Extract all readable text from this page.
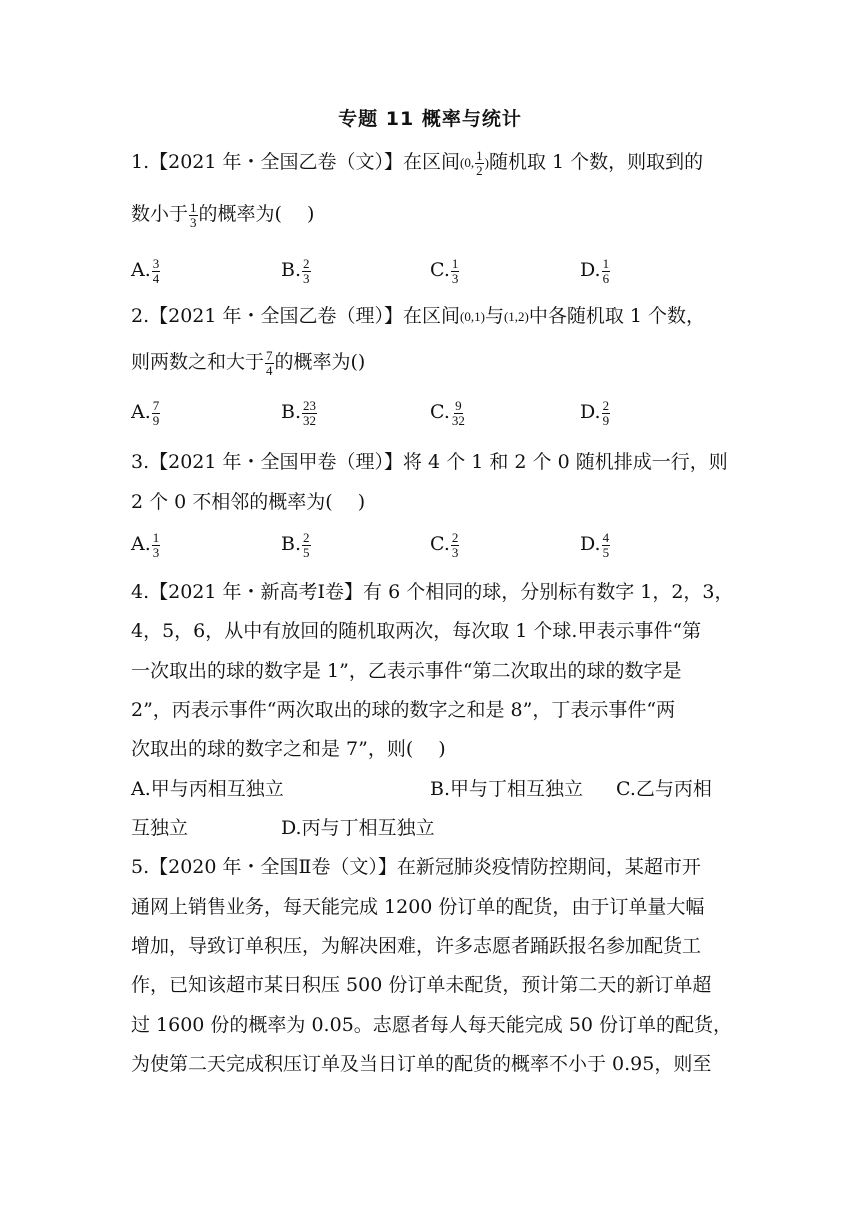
专题 11 概率与统计
1.【2021 年・全国乙卷（文）】在区间(0, $\frac{1}{2}$ )随机取 1 个数，则取到的
数小于 $\frac{1}{3}$ 的概率为(　 )
A. $\frac{3}{4}$	B. $\frac{2}{3}$	C. $\frac{1}{3}$	D. $\frac{1}{6}$
2.【2021 年・全国乙卷（理）】在区间(0,1)与(1,2)中各随机取 1 个数，
则两数之和大于 $\frac{7}{4}$ 的概率为()
A. $\frac{7}{9}$	B. $\frac{23}{32}$	C. $\frac{9}{32}$	D. $\frac{2}{9}$
3.【2021 年・全国甲卷（理）】将 4 个 1 和 2 个 0 随机排成一行，则
2 个 0 不相邻的概率为(　 )
A. $\frac{1}{3}$	B. $\frac{2}{5}$	C. $\frac{2}{3}$	D. $\frac{4}{5}$
4.【2021 年・新高考Ⅰ卷】有 6 个相同的球，分别标有数字 1，2，3，
4，5，6，从中有放回的随机取两次，每次取 1 个球.甲表示事件“第
一次取出的球的数字是 1”，乙表示事件“第二次取出的球的数字是
2”，丙表示事件“两次取出的球的数字之和是 8”，丁表示事件“两
次取出的球的数字之和是 7”，则(　 )
A.甲与丙相互独立	B.甲与丁相互独立 C.乙与丙相
互独立	D.丙与丁相互独立
5.【2020 年・全国Ⅱ卷（文）】在新冠肺炎疫情防控期间，某超市开
通网上销售业务，每天能完成 1200 份订单的配货，由于订单量大幅
增加，导致订单积压，为解决困难，许多志愿者踊跃报名参加配货工
作，已知该超市某日积压 500 份订单未配货，预计第二天的新订单超
过 1600 份的概率为 0.05。志愿者每人每天能完成 50 份订单的配货，
为使第二天完成积压订单及当日订单的配货的概率不小于 0.95，则至
